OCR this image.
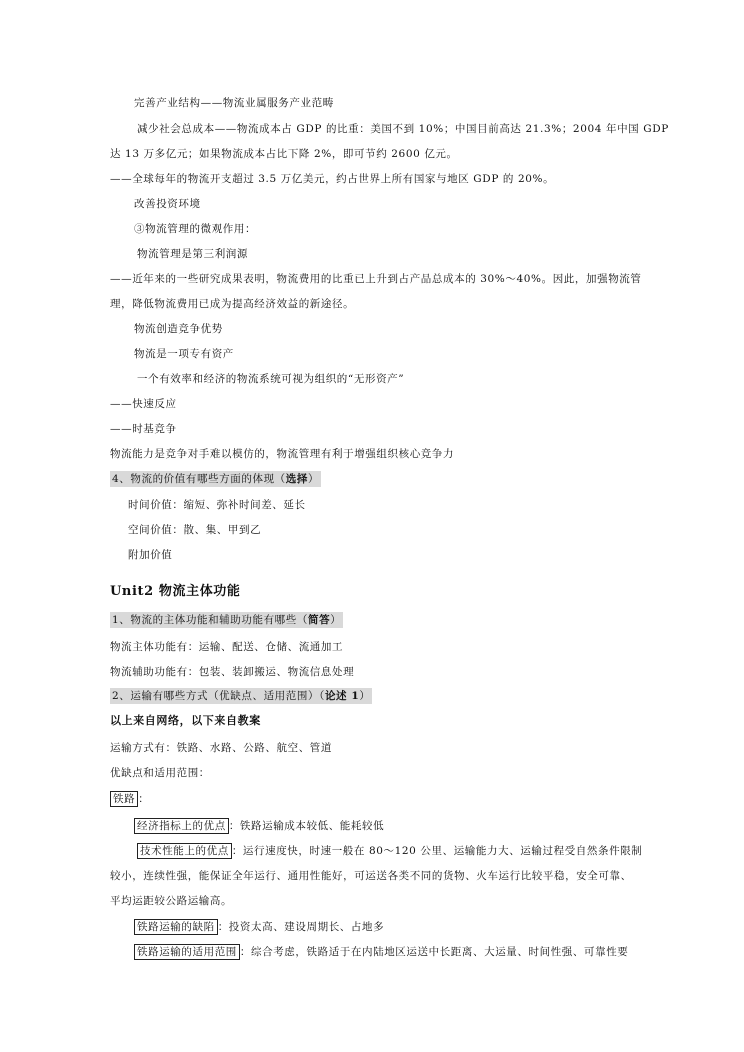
完善产业结构——物流业属服务产业范畴
减少社会总成本——物流成本占 GDP 的比重：美国不到 10%；中国目前高达 21.3%；2004 年中国 GDP
达 13 万多亿元；如果物流成本占比下降 2%，即可节约 2600 亿元。
——全球每年的物流开支超过 3.5 万亿美元，约占世界上所有国家与地区 GDP 的 20%。
改善投资环境
③物流管理的微观作用：
物流管理是第三利润源
——近年来的一些研究成果表明，物流费用的比重已上升到占产品总成本的 30%～40%。因此，加强物流管
理，降低物流费用已成为提高经济效益的新途径。
物流创造竞争优势
物流是一项专有资产
一个有效率和经济的物流系统可视为组织的“无形资产”
——快速反应
——时基竞争
物流能力是竞争对手难以模仿的，物流管理有利于增强组织核心竞争力
4、物流的价值有哪些方面的体现（选择）
时间价值：缩短、弥补时间差、延长
空间价值：散、集、甲到乙
附加价值
Unit2 物流主体功能
1、物流的主体功能和辅助功能有哪些（简答）
物流主体功能有：运输、配送、仓储、流通加工
物流辅助功能有：包装、装卸搬运、物流信息处理
2、运输有哪些方式（优缺点、适用范围）（论述 1）
以上来自网络，以下来自教案
运输方式有：铁路、水路、公路、航空、管道
优缺点和适用范围：
铁路 ：
经济指标上的优点 ：铁路运输成本较低、能耗较低
技术性能上的优点 ：运行速度快，时速一般在 80～120 公里、运输能力大、运输过程受自然条件限制
较小，连续性强，能保证全年运行、通用性能好，可运送各类不同的货物、火车运行比较平稳，安全可靠、
平均运距较公路运输高。
铁路运输的缺陷 ：投资太高、建设周期长、占地多
铁路运输的适用范围 ：综合考虑，铁路适于在内陆地区运送中长距离、大运量、时间性强、可靠性要
